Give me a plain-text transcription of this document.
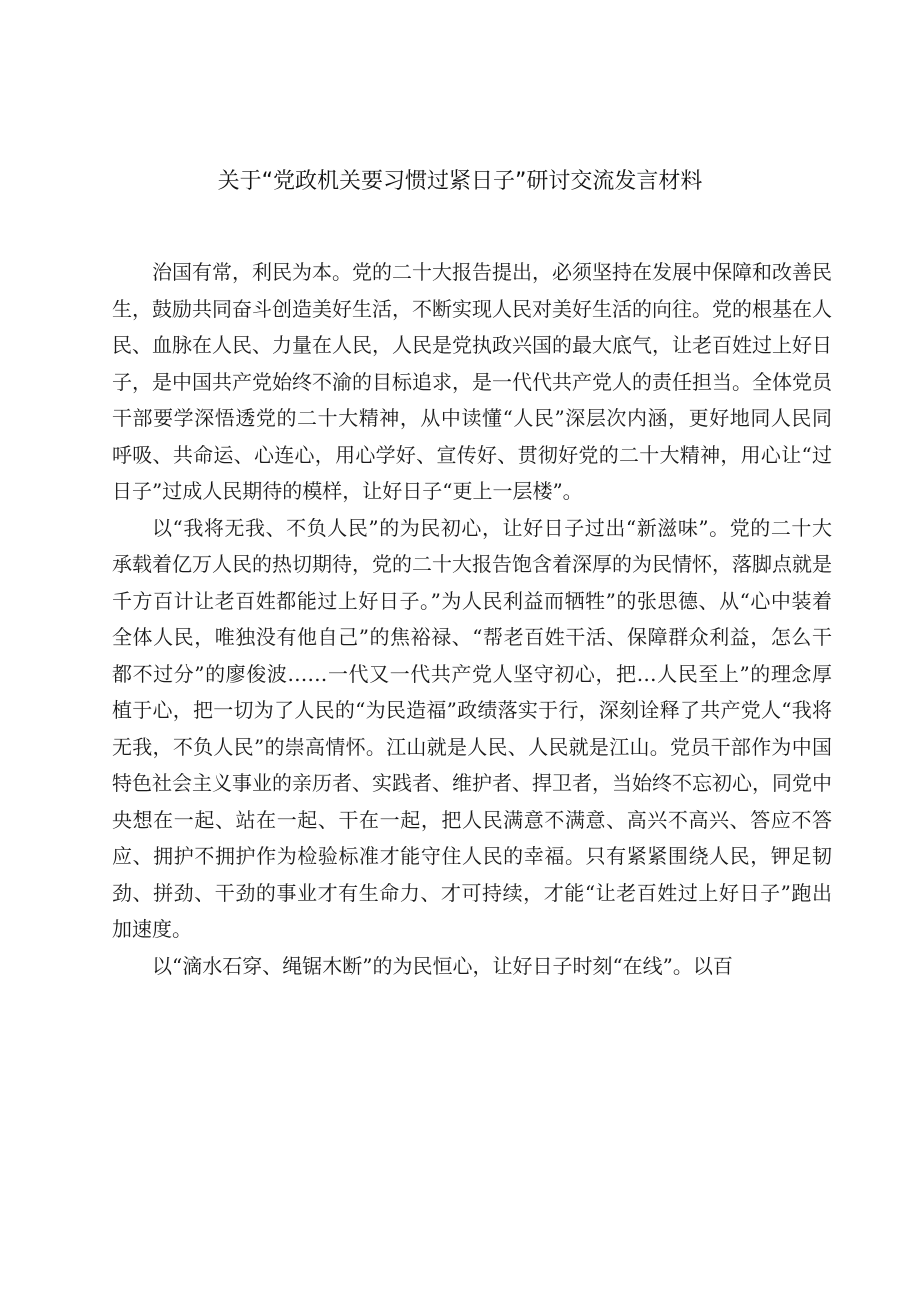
关于“党政机关要习惯过紧日子”研讨交流发言材料

治国有常，利民为本。党的二十大报告提出，必须坚持在发展中保障和改善民生，鼓励共同奋斗创造美好生活，不断实现人民对美好生活的向往。党的根基在人民、血脉在人民、力量在人民，人民是党执政兴国的最大底气，让老百姓过上好日子，是中国共产党始终不渝的目标追求，是一代代共产党人的责任担当。全体党员干部要学深悟透党的二十大精神，从中读懂“人民”深层次内涵，更好地同人民同呼吸、共命运、心连心，用心学好、宣传好、贯彻好党的二十大精神，用心让“过日子”过成人民期待的模样，让好日子“更上一层楼”。

以“我将无我、不负人民”的为民初心，让好日子过出“新滋味”。党的二十大承载着亿万人民的热切期待，党的二十大报告饱含着深厚的为民情怀，落脚点就是千方百计让老百姓都能过上好日子。”为人民利益而牺牲”的张思德、从“心中装着全体人民，唯独没有他自己”的焦裕禄、“帮老百姓干活、保障群众利益，怎么干都不过分”的廖俊波……一代又一代共产党人坚守初心，把…人民至上”的理念厚植于心，把一切为了人民的“为民造福”政绩落实于行，深刻诠释了共产党人“我将无我，不负人民”的崇高情怀。江山就是人民、人民就是江山。党员干部作为中国特色社会主义事业的亲历者、实践者、维护者、捍卫者，当始终不忘初心，同党中央想在一起、站在一起、干在一起，把人民满意不满意、高兴不高兴、答应不答应、拥护不拥护作为检验标准才能守住人民的幸福。只有紧紧围绕人民，钾足韧劲、拼劲、干劲的事业才有生命力、才可持续，才能“让老百姓过上好日子”跑出加速度。

以“滴水石穿、绳锯木断”的为民恒心，让好日子时刻“在线”。以百
